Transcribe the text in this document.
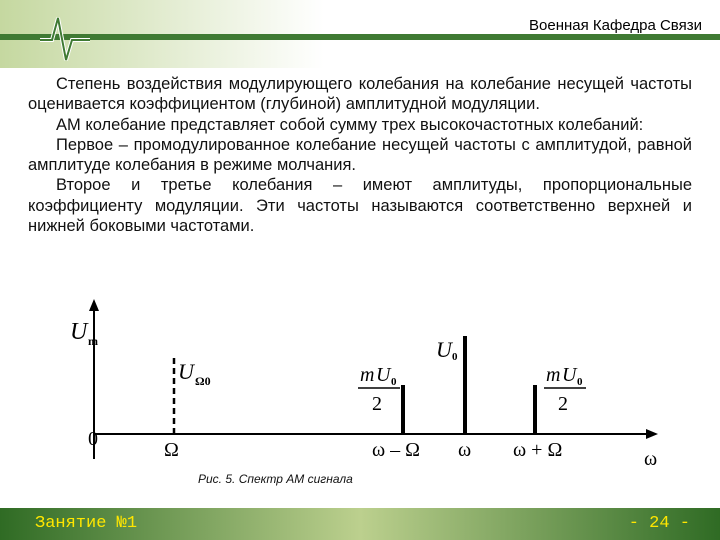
Военная Кафедра Связи

Степень воздействия модулирующего колебания на колебание несущей частоты оценивается коэффициентом (глубиной) амплитудной модуляции.

АМ колебание представляет собой сумму трех высокочастотных колебаний:

Первое – промодулированное колебание несущей частоты с амплитудой, равной амплитуде колебания в режиме молчания.

Второе и третье колебания – имеют амплитуды, пропорциональные коэффициенту модуляции. Эти частоты называются соответственно верхней и нижней боковыми частотами.

U m
0
U Ω0
U 0
m U 0
2
m U 0
2
Ω	ω – Ω ω ω + Ω	ω
Рис. 5. Спектр АМ сигнала
Занятие №1	- 24 -
